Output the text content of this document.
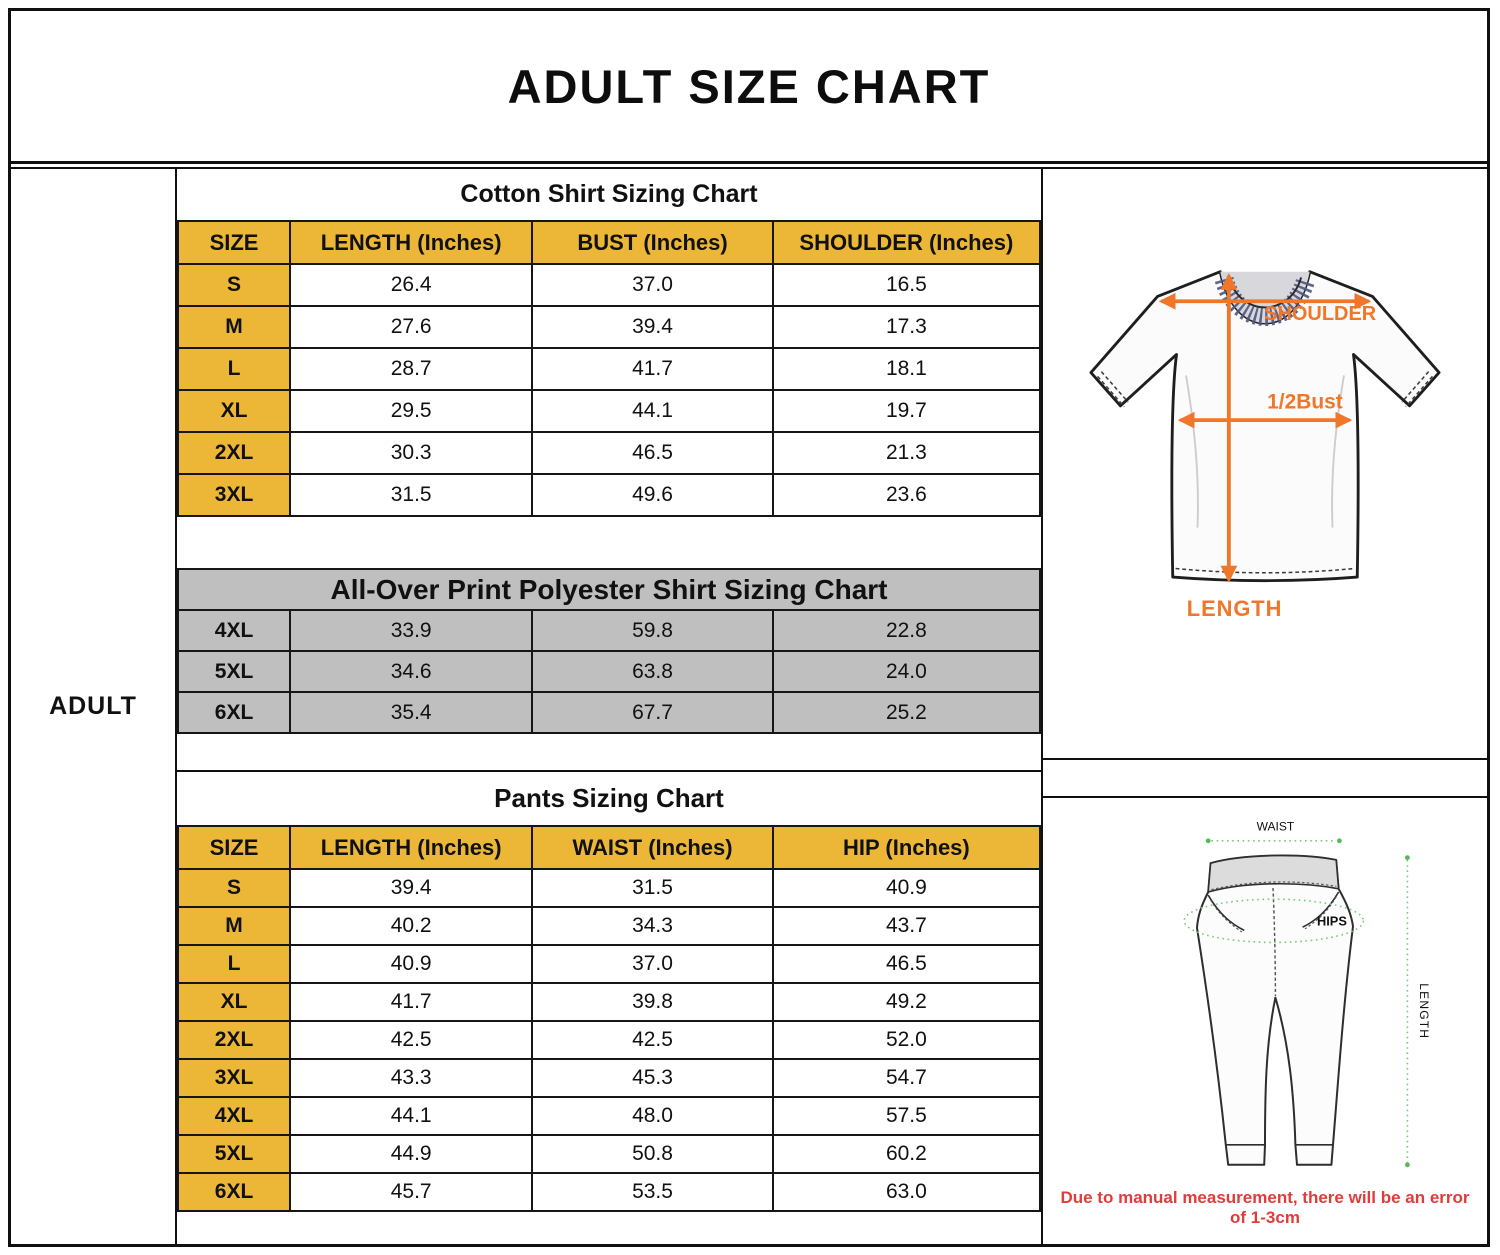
ADULT SIZE CHART
ADULT
Cotton Shirt Sizing Chart
SIZE	LENGTH (Inches)	BUST (Inches)	SHOULDER (Inches)
S	26.4	37.0	16.5
M	27.6	39.4	17.3
L	28.7	41.7	18.1
XL	29.5	44.1	19.7
2XL	30.3	46.5	21.3
3XL	31.5	49.6	23.6
All-Over Print Polyester Shirt Sizing Chart			
4XL	33.9	59.8	22.8
5XL	34.6	63.8	24.0
6XL	35.4	67.7	25.2
Pants Sizing Chart
SIZE	LENGTH (Inches)	WAIST (Inches)	HIP (Inches)
S	39.4	31.5	40.9
M	40.2	34.3	43.7
L	40.9	37.0	46.5
XL	41.7	39.8	49.2
2XL	42.5	42.5	52.0
3XL	43.3	45.3	54.7
4XL	44.1	48.0	57.5
5XL	44.9	50.8	60.2
6XL	45.7	53.5	63.0
SHOULDER
1/2Bust
LENGTH
WAIST
HIPS
LENGTH
Due to manual measurement, there will be an error of 1-3cm
